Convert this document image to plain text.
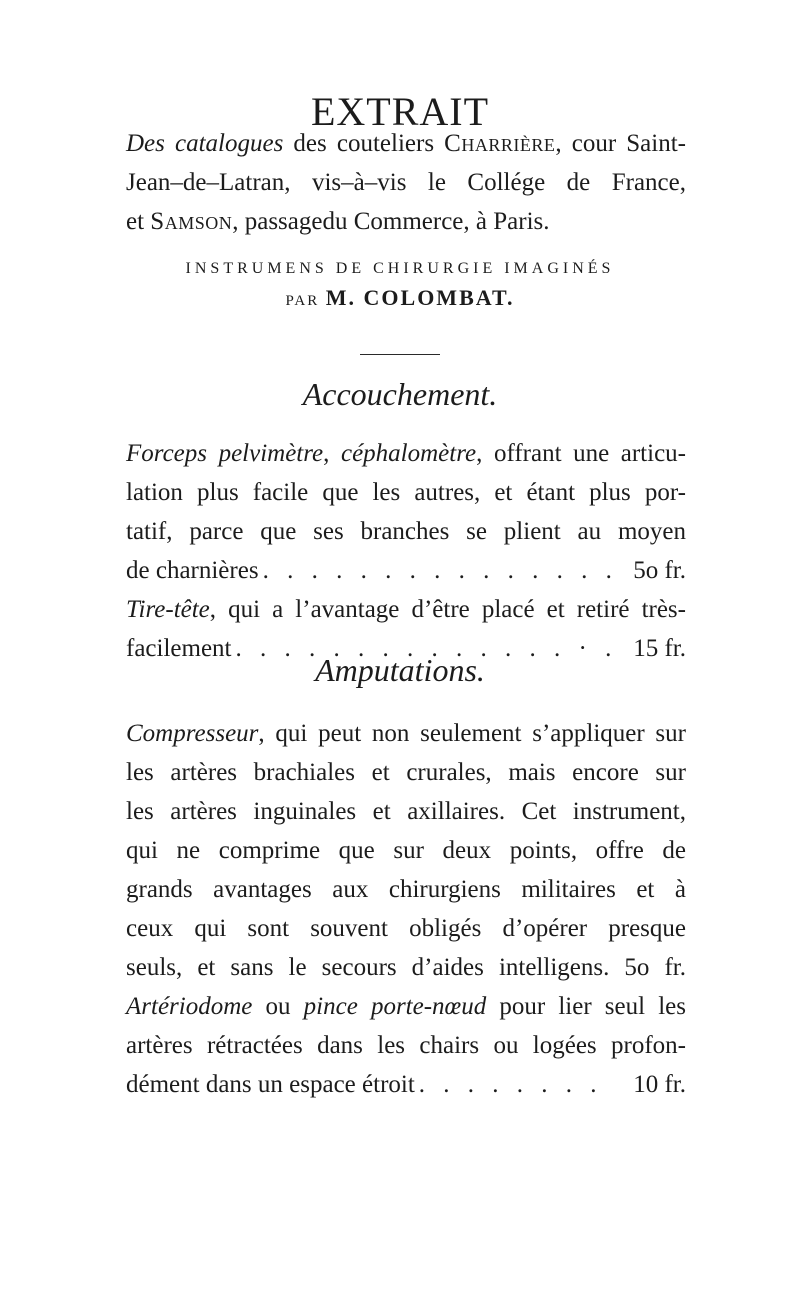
EXTRAIT
Des catalogues des couteliers Charrière, cour Saint-
Jean–de–Latran, vis–à–vis le Collége de France,
et Samson, passagedu Commerce, à Paris.
INSTRUMENS DE CHIRURGIE IMAGINÉS
PAR M. COLOMBAT.
Accouchement.
Forceps pelvimètre, céphalomètre, offrant une articu-
lation plus facile que les autres, et étant plus por-
tatif, parce que ses branches se plient au moyen
de charnières . . . . . . . . . . . . . . . 5o fr.
Tire-tête, qui a l’avantage d’être placé et retiré très-
facilement . . . . . . . . . . . . . . · . 15 fr.
Amputations.
Compresseur, qui peut non seulement s’appliquer sur
les artères brachiales et crurales, mais encore sur
les artères inguinales et axillaires. Cet instrument,
qui ne comprime que sur deux points, offre de
grands avantages aux chirurgiens militaires et à
ceux qui sont souvent obligés d’opérer presque
seuls, et sans le secours d’aides intelligens. 5o fr.
Artériodome ou pince porte-nœud pour lier seul les
artères rétractées dans les chairs ou logées profon-
dément dans un espace étroit . . . . . . . .	10 fr.
